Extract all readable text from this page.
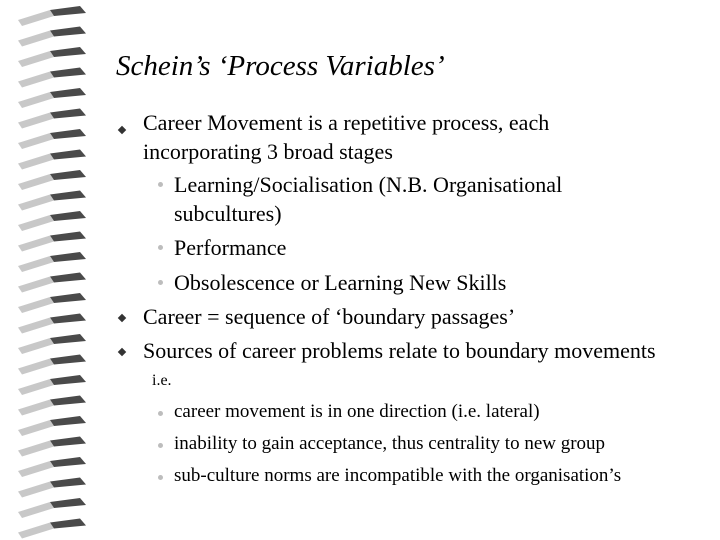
Schein’s ‘Process Variables’
Career Movement is a repetitive process, each
incorporating 3 broad stages
Learning/Socialisation (N.B. Organisational
subcultures)
Performance
Obsolescence or Learning New Skills
Career = sequence of ‘boundary passages’
Sources of career problems relate to boundary movements
i.e.
career movement is in one direction (i.e. lateral)
inability to gain acceptance, thus centrality to new group
sub-culture norms are incompatible with the organisation’s
